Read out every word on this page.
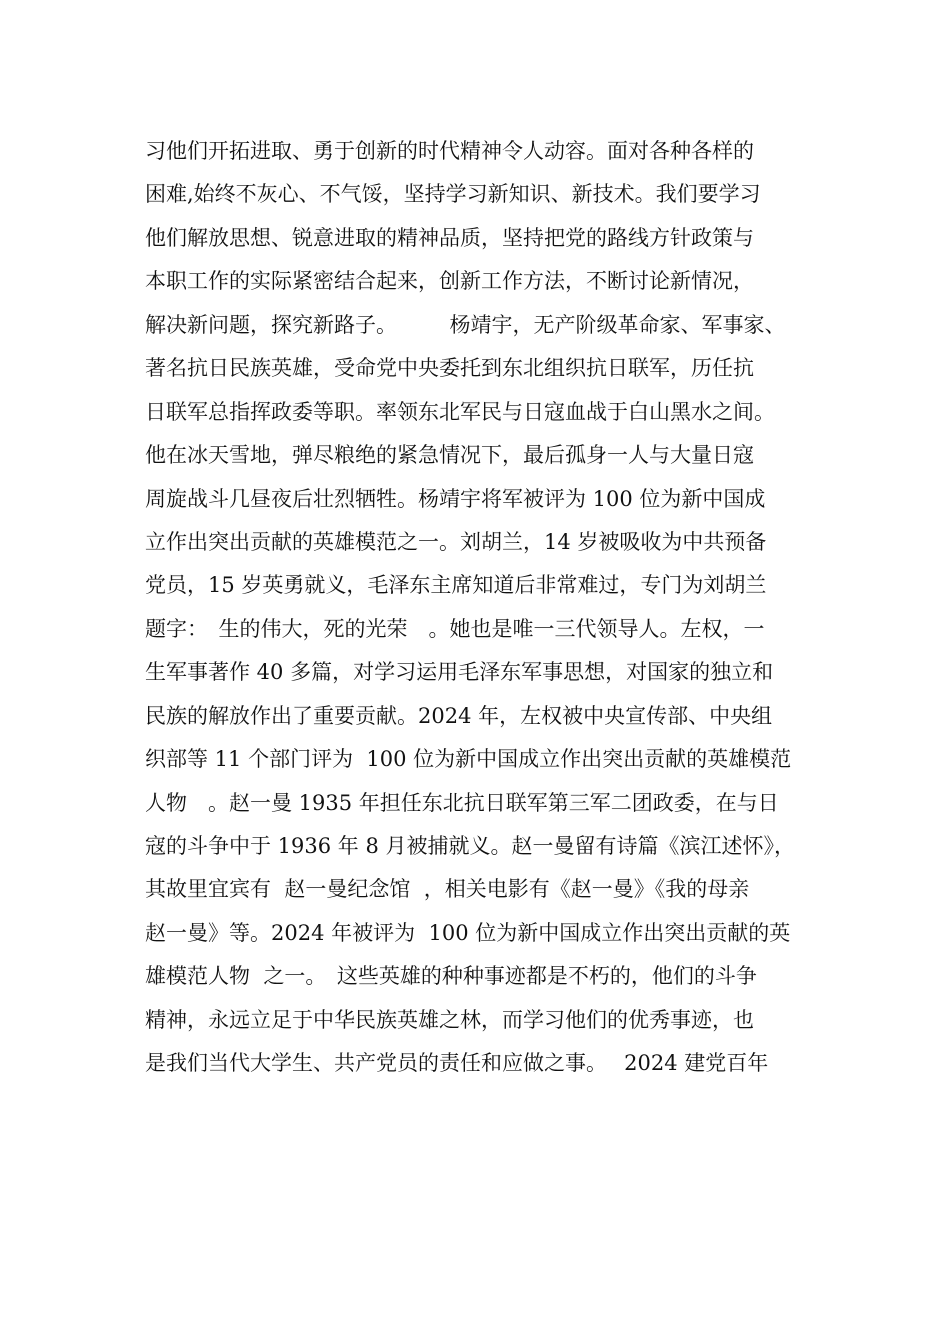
习他们开拓进取、勇于创新的时代精神令人动容。面对各种各样的
困难,始终不灰心、不气馁，坚持学习新知识、新技术。我们要学习
他们解放思想、锐意进取的精神品质，坚持把党的路线方针政策与
本职工作的实际紧密结合起来，创新工作方法，不断讨论新情况，
解决新问题，探究新路子。　　　杨靖宇，无产阶级革命家、军事家、
著名抗日民族英雄，受命党中央委托到东北组织抗日联军，历任抗
日联军总指挥政委等职。率领东北军民与日寇血战于白山黑水之间。
他在冰天雪地，弹尽粮绝的紧急情况下，最后孤身一人与大量日寇
周旋战斗几昼夜后壮烈牺牲。杨靖宇将军被评为 100 位为新中国成
立作出突出贡献的英雄模范之一。刘胡兰，14 岁被吸收为中共预备
党员，15 岁英勇就义，毛泽东主席知道后非常难过，专门为刘胡兰
题字：　生的伟大，死的光荣　。她也是唯一三代领导人。左权，一
生军事著作 40 多篇，对学习运用毛泽东军事思想，对国家的独立和
民族的解放作出了重要贡献。2024 年，左权被中央宣传部、中央组
织部等 11 个部门评为  100 位为新中国成立作出突出贡献的英雄模范
人物　。赵一曼 1935 年担任东北抗日联军第三军二团政委，在与日
寇的斗争中于 1936 年 8 月被捕就义。赵一曼留有诗篇《滨江述怀》，
其故里宜宾有  赵一曼纪念馆  ，相关电影有《赵一曼》《我的母亲
赵一曼》等。2024 年被评为  100 位为新中国成立作出突出贡献的英
雄模范人物  之一。　这些英雄的种种事迹都是不朽的，他们的斗争
精神，永远立足于中华民族英雄之林，而学习他们的优秀事迹，也
是我们当代大学生、共产党员的责任和应做之事。　 2024 建党百年
